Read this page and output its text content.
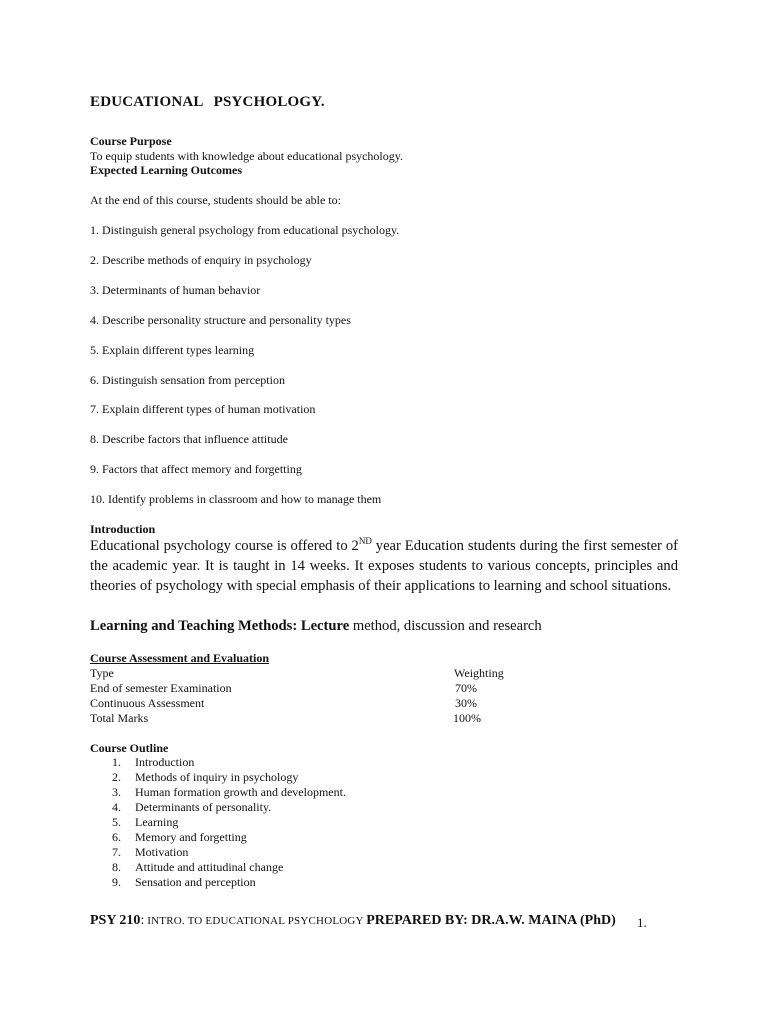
EDUCATIONAL PSYCHOLOGY.
Course Purpose
To equip students with knowledge about educational psychology.
Expected Learning Outcomes
At the end of this course, students should be able to:
1. Distinguish general psychology from educational psychology.
2. Describe methods of enquiry in psychology
3. Determinants of human behavior
4. Describe personality structure and personality types
5. Explain different types learning
6. Distinguish sensation from perception
7. Explain different types of human motivation
8. Describe factors that influence attitude
9. Factors that affect memory and forgetting
10. Identify problems in classroom and how to manage them
Introduction

Educational psychology course is offered to 2ND year Education students during the first semester of the academic year. It is taught in 14 weeks. It exposes students to various concepts, principles and theories of psychology with special emphasis of their applications to learning and school situations.

Learning and Teaching Methods: Lecture method, discussion and research
Course Assessment and Evaluation
Type	Weighting
End of semester Examination	70%
Continuous Assessment	30%
Total Marks	100%
Course Outline
1. Introduction
2. Methods of inquiry in psychology
3. Human formation growth and development.
4. Determinants of personality.
5. Learning
6. Memory and forgetting
7. Motivation
8. Attitude and attitudinal change
9. Sensation and perception
PSY 210: INTRO. TO EDUCATIONAL PSYCHOLOGY PREPARED BY: DR.A.W. MAINA (PhD) 1.
